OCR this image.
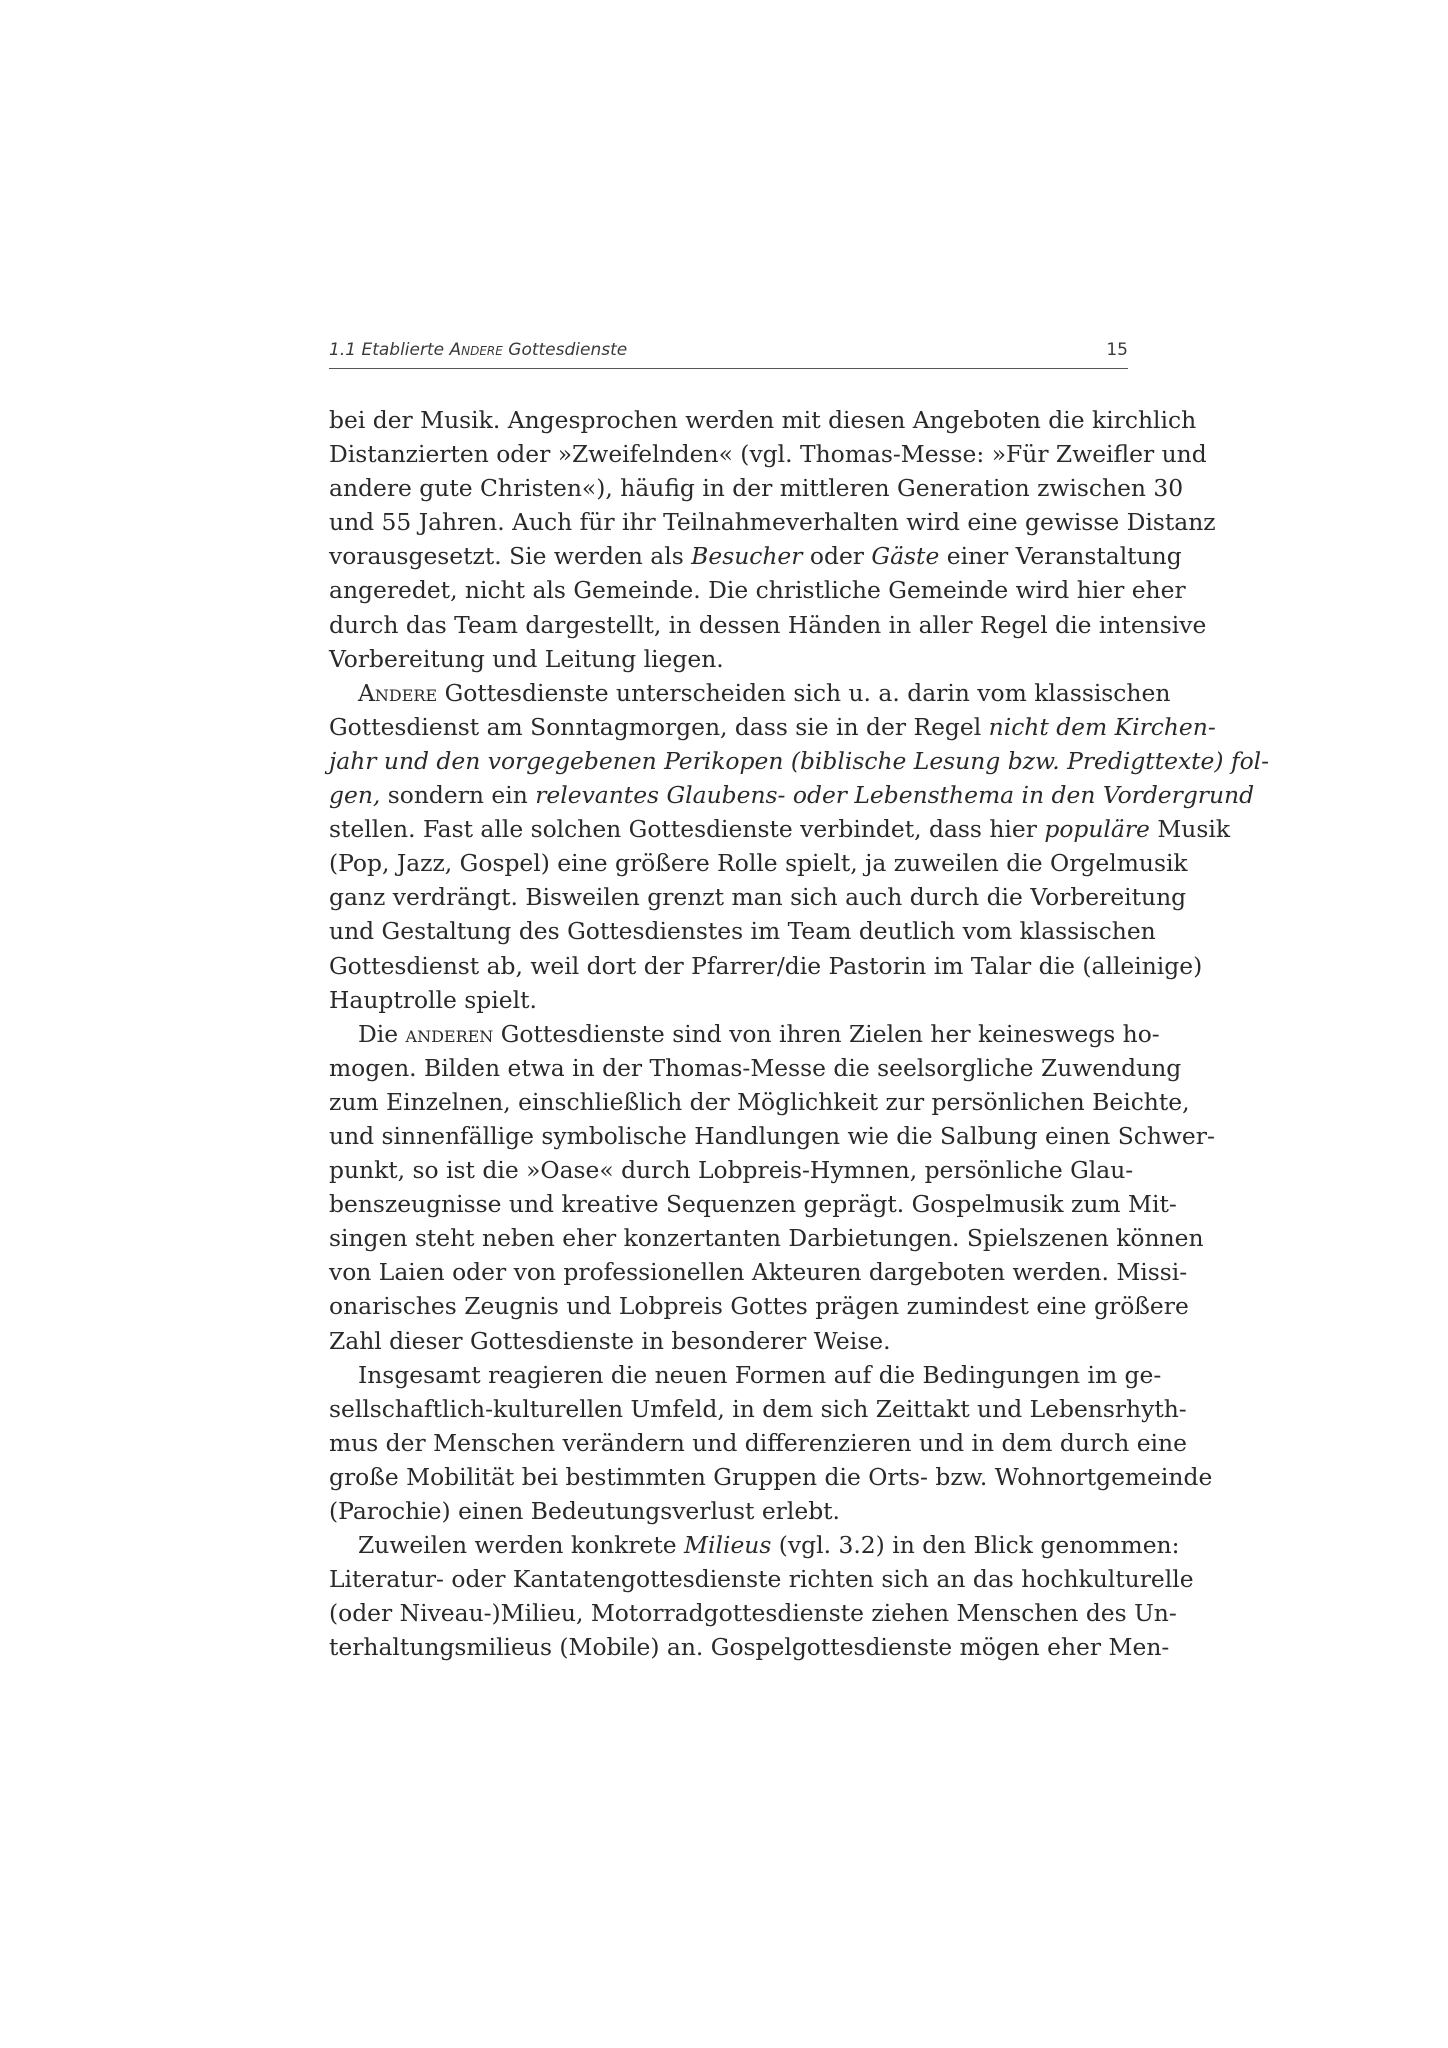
1.1 Etablierte Andere Gottesdienste	15
bei der Musik. Angesprochen werden mit diesen Angeboten die kirchlich
Distanzierten oder »Zweifelnden« (vgl. Thomas-Messe: »Für Zweifler und
andere gute Christen«), häufig in der mittleren Generation zwischen 30
und 55 Jahren. Auch für ihr Teilnahmeverhalten wird eine gewisse Distanz
vorausgesetzt. Sie werden als Besucher oder Gäste einer Veranstaltung
angeredet, nicht als Gemeinde. Die christliche Gemeinde wird hier eher
durch das Team dargestellt, in dessen Händen in aller Regel die intensive
Vorbereitung und Leitung liegen.
Andere Gottesdienste unterscheiden sich u. a. darin vom klassischen
Gottesdienst am Sonntagmorgen, dass sie in der Regel nicht dem Kirchen-
jahr und den vorgegebenen Perikopen (biblische Lesung bzw. Predigttexte) fol-
gen, sondern ein relevantes Glaubens- oder Lebensthema in den Vordergrund
stellen. Fast alle solchen Gottesdienste verbindet, dass hier populäre Musik
(Pop, Jazz, Gospel) eine größere Rolle spielt, ja zuweilen die Orgelmusik
ganz verdrängt. Bisweilen grenzt man sich auch durch die Vorbereitung
und Gestaltung des Gottesdienstes im Team deutlich vom klassischen
Gottesdienst ab, weil dort der Pfarrer/die Pastorin im Talar die (alleinige)
Hauptrolle spielt.
Die anderen Gottesdienste sind von ihren Zielen her keineswegs ho-
mogen. Bilden etwa in der Thomas-Messe die seelsorgliche Zuwendung
zum Einzelnen, einschließlich der Möglichkeit zur persönlichen Beichte,
und sinnenfällige symbolische Handlungen wie die Salbung einen Schwer-
punkt, so ist die »Oase« durch Lobpreis-Hymnen, persönliche Glau-
benszeugnisse und kreative Sequenzen geprägt. Gospelmusik zum Mit-
singen steht neben eher konzertanten Darbietungen. Spielszenen können
von Laien oder von professionellen Akteuren dargeboten werden. Missi-
onarisches Zeugnis und Lobpreis Gottes prägen zumindest eine größere
Zahl dieser Gottesdienste in besonderer Weise.
Insgesamt reagieren die neuen Formen auf die Bedingungen im ge-
sellschaftlich-kulturellen Umfeld, in dem sich Zeittakt und Lebensrhyth-
mus der Menschen verändern und differenzieren und in dem durch eine
große Mobilität bei bestimmten Gruppen die Orts- bzw. Wohnortgemeinde
(Parochie) einen Bedeutungsverlust erlebt.
Zuweilen werden konkrete Milieus (vgl. 3.2) in den Blick genommen:
Literatur- oder Kantatengottesdienste richten sich an das hochkulturelle
(oder Niveau-)Milieu, Motorradgottesdienste ziehen Menschen des Un-
terhaltungsmilieus (Mobile) an. Gospelgottesdienste mögen eher Men-
